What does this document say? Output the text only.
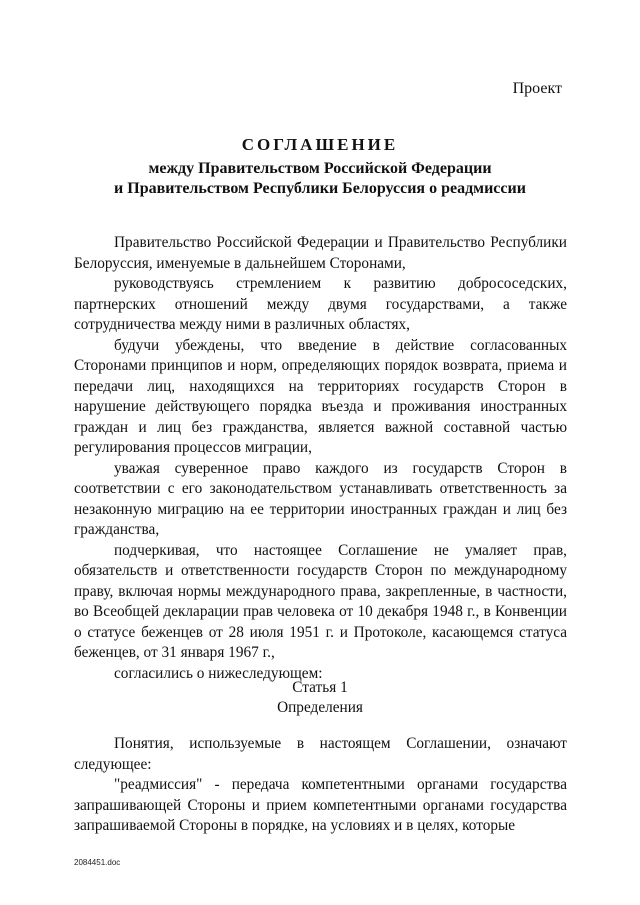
Проект
СОГЛАШЕНИЕ
между Правительством Российской Федерации
и Правительством Республики Белоруссия о реадмиссии

Правительство Российской Федерации и Правительство Республики Белоруссия, именуемые в дальнейшем Сторонами,

руководствуясь стремлением к развитию добрососедских, партнерских отношений между двумя государствами, а также сотрудничества между ними в различных областях,

будучи убеждены, что введение в действие согласованных Сторонами принципов и норм, определяющих порядок возврата, приема и передачи лиц, находящихся на территориях государств Сторон в нарушение действующего порядка въезда и проживания иностранных граждан и лиц без гражданства, является важной составной частью регулирования процессов миграции,

уважая суверенное право каждого из государств Сторон в соответствии с его законодательством устанавливать ответственность за незаконную миграцию на ее территории иностранных граждан и лиц без гражданства,

подчеркивая, что настоящее Соглашение не умаляет прав, обязательств и ответственности государств Сторон по международному праву, включая нормы международного права, закрепленные, в частности, во Всеобщей декларации прав человека от 10 декабря 1948 г., в Конвенции о статусе беженцев от 28 июля 1951 г. и Протоколе, касающемся статуса беженцев, от 31 января 1967 г.,

согласились о нижеследующем:

Статья 1
Определения

Понятия, используемые в настоящем Соглашении, означают следующее:

"реадмиссия" - передача компетентными органами государства запрашивающей Стороны и прием компетентными органами государства запрашиваемой Стороны в порядке, на условиях и в целях, которые

2084451.doc
